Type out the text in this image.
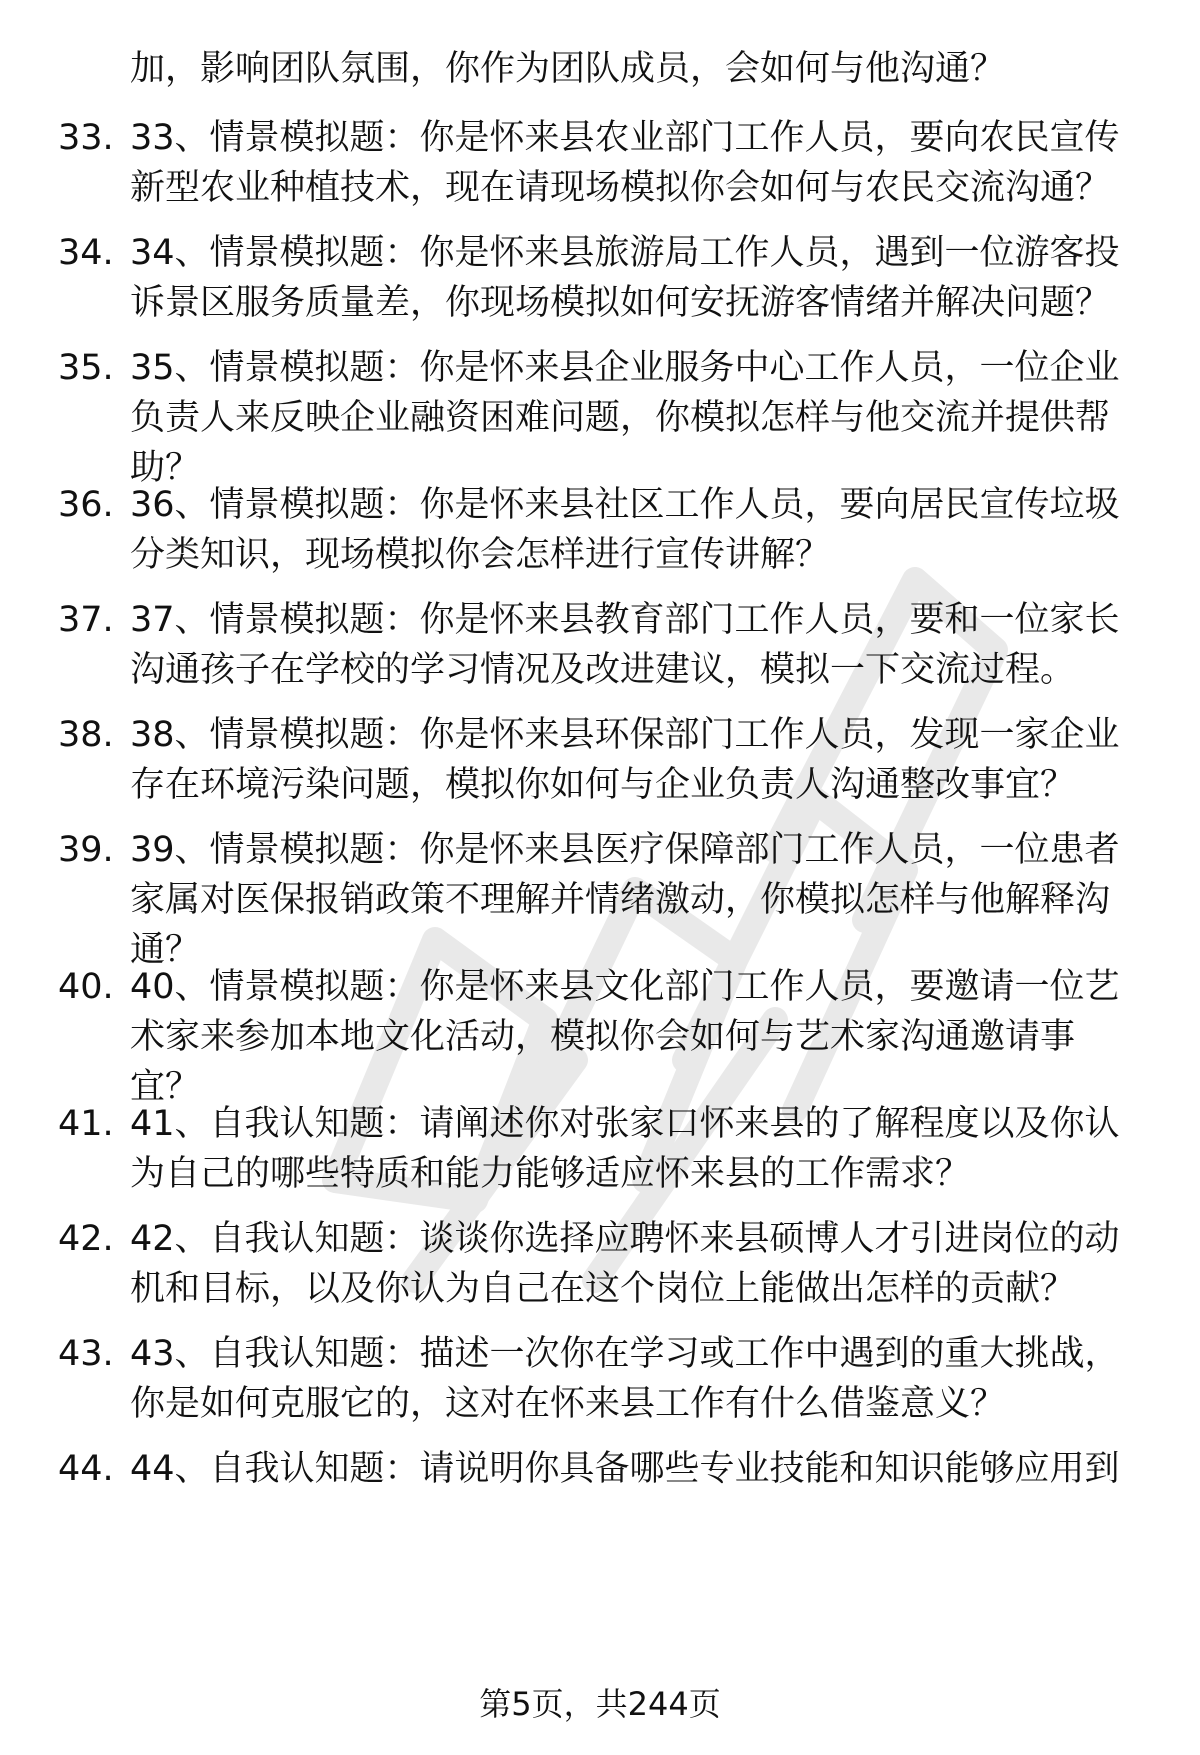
加，影响团队氛围，你作为团队成员，会如何与他沟通？
33. 33、情景模拟题：你是怀来县农业部门工作人员，要向农民宣传
新型农业种植技术，现在请现场模拟你会如何与农民交流沟通？
34. 34、情景模拟题：你是怀来县旅游局工作人员，遇到一位游客投
诉景区服务质量差，你现场模拟如何安抚游客情绪并解决问题？
35. 35、情景模拟题：你是怀来县企业服务中心工作人员，一位企业
负责人来反映企业融资困难问题，你模拟怎样与他交流并提供帮
助？
36. 36、情景模拟题：你是怀来县社区工作人员，要向居民宣传垃圾
分类知识，现场模拟你会怎样进行宣传讲解？
37. 37、情景模拟题：你是怀来县教育部门工作人员，要和一位家长
沟通孩子在学校的学习情况及改进建议，模拟一下交流过程。
38. 38、情景模拟题：你是怀来县环保部门工作人员，发现一家企业
存在环境污染问题，模拟你如何与企业负责人沟通整改事宜？
39. 39、情景模拟题：你是怀来县医疗保障部门工作人员，一位患者
家属对医保报销政策不理解并情绪激动，你模拟怎样与他解释沟
通？
40. 40、情景模拟题：你是怀来县文化部门工作人员，要邀请一位艺
术家来参加本地文化活动，模拟你会如何与艺术家沟通邀请事
宜？
41. 41、自我认知题：请阐述你对张家口怀来县的了解程度以及你认
为自己的哪些特质和能力能够适应怀来县的工作需求？
42. 42、自我认知题：谈谈你选择应聘怀来县硕博人才引进岗位的动
机和目标，以及你认为自己在这个岗位上能做出怎样的贡献？
43. 43、自我认知题：描述一次你在学习或工作中遇到的重大挑战，
你是如何克服它的，这对在怀来县工作有什么借鉴意义？
44. 44、自我认知题：请说明你具备哪些专业技能和知识能够应用到
第5页，共244页
